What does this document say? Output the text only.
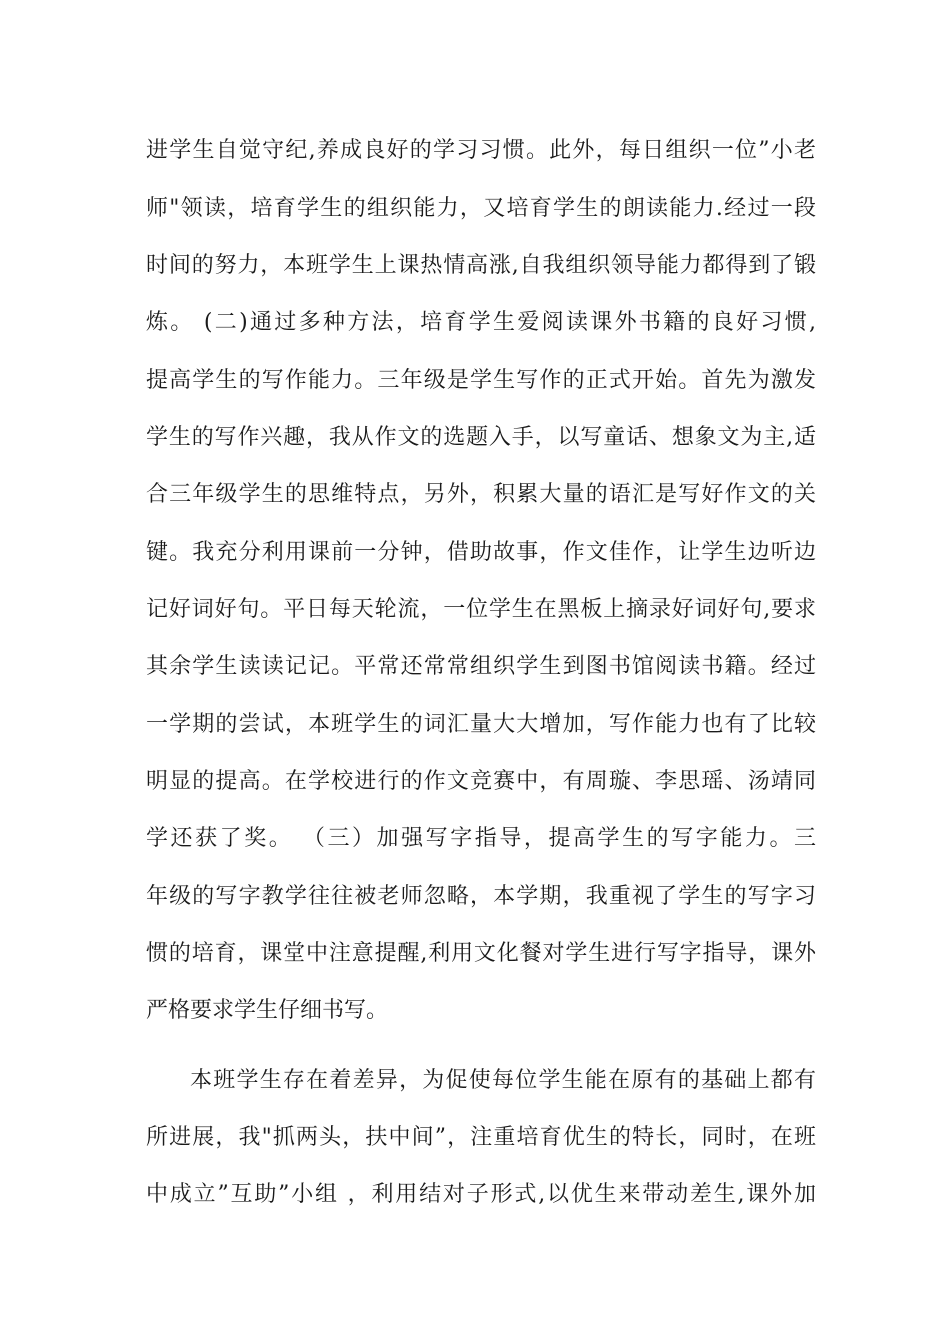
进学生自觉守纪,养成良好的学习习惯。此外，每日组织一位”小老
师"领读，培育学生的组织能力，又培育学生的朗读能力.经过一段
时间的努力，本班学生上课热情高涨,自我组织领导能力都得到了锻
炼。 (二)通过多种方法，培育学生爱阅读课外书籍的良好习惯,
提高学生的写作能力。三年级是学生写作的正式开始。首先为激发
学生的写作兴趣，我从作文的选题入手，以写童话、想象文为主,适
合三年级学生的思维特点，另外，积累大量的语汇是写好作文的关
键。我充分利用课前一分钟，借助故事，作文佳作，让学生边听边
记好词好句。平日每天轮流，一位学生在黑板上摘录好词好句,要求
其余学生读读记记。平常还常常组织学生到图书馆阅读书籍。经过
一学期的尝试，本班学生的词汇量大大增加，写作能力也有了比较
明显的提高。在学校进行的作文竞赛中，有周璇、李思瑶、汤靖同
学还获了奖。 （三）加强写字指导，提高学生的写字能力。三
年级的写字教学往往被老师忽略，本学期，我重视了学生的写字习
惯的培育，课堂中注意提醒,利用文化餐对学生进行写字指导，课外
严格要求学生仔细书写。
本班学生存在着差异，为促使每位学生能在原有的基础上都有
所进展，我"抓两头，扶中间”，注重培育优生的特长，同时，在班
中成立”互助”小组 ，利用结对子形式,以优生来带动差生,课外加
